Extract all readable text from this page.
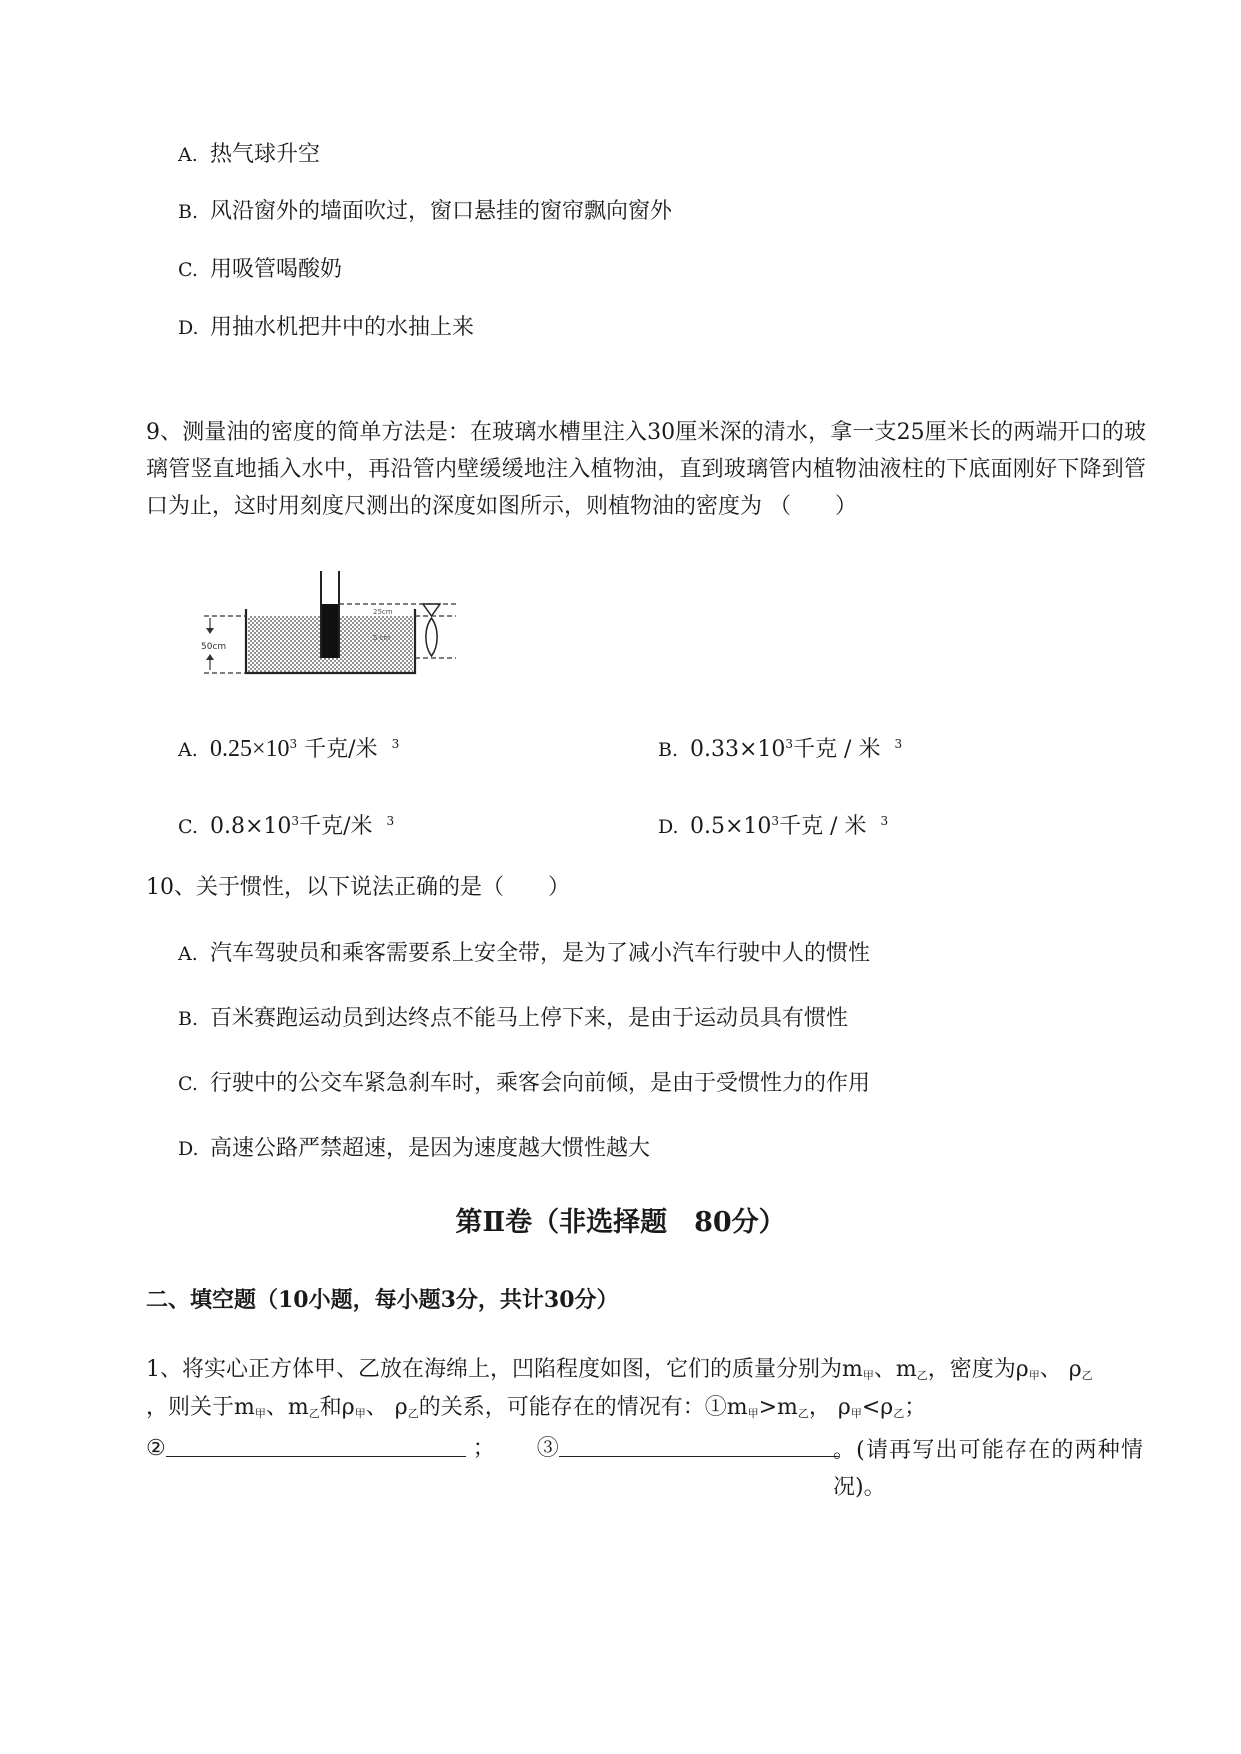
A. 热气球升空
B. 风沿窗外的墙面吹过，窗口悬挂的窗帘飘向窗外
C. 用吸管喝酸奶
D. 用抽水机把井中的水抽上来
9、测量油的密度的简单方法是：在玻璃水槽里注入30厘米深的清水，拿一支25厘米长的两端开口的玻璃管竖直地插入水中，再沿管内壁缓缓地注入植物油，直到玻璃管内植物油液柱的下底面刚好下降到管口为止，这时用刻度尺测出的深度如图所示，则植物油的密度为 （　　）
50cm
25cm
5 cm
A. $0.25\times 10^3$ 千克/米 $^3$	B. $0.33\times 10^3$千克 / 米 $^3$
C. $0.8\times 10^3$千克/米 $^3$	D. $0.5\times 10^3$千克 / 米 $^3$
10、关于惯性，以下说法正确的是（　　）
A. 汽车驾驶员和乘客需要系上安全带，是为了减小汽车行驶中人的惯性
B. 百米赛跑运动员到达终点不能马上停下来，是由于运动员具有惯性
C. 行驶中的公交车紧急刹车时，乘客会向前倾，是由于受惯性力的作用
D. 高速公路严禁超速，是因为速度越大惯性越大
第Ⅱ卷（非选择题　80分）
二、填空题（10小题，每小题3分，共计30分）
1、将实心正方体甲、乙放在海绵上，凹陷程度如图，它们的质量分别为$m_甲$、$m_乙$，密度为$\rho_甲$、 $\rho_乙$
，则关于$m_甲$、$m_乙$和$\rho_甲$、 $\rho_乙$的关系，可能存在的情况有：$①m_甲>m_乙$， $\rho_甲<\rho_乙$；
②	； ③	。(请再写出可能存在的两种情况)。
